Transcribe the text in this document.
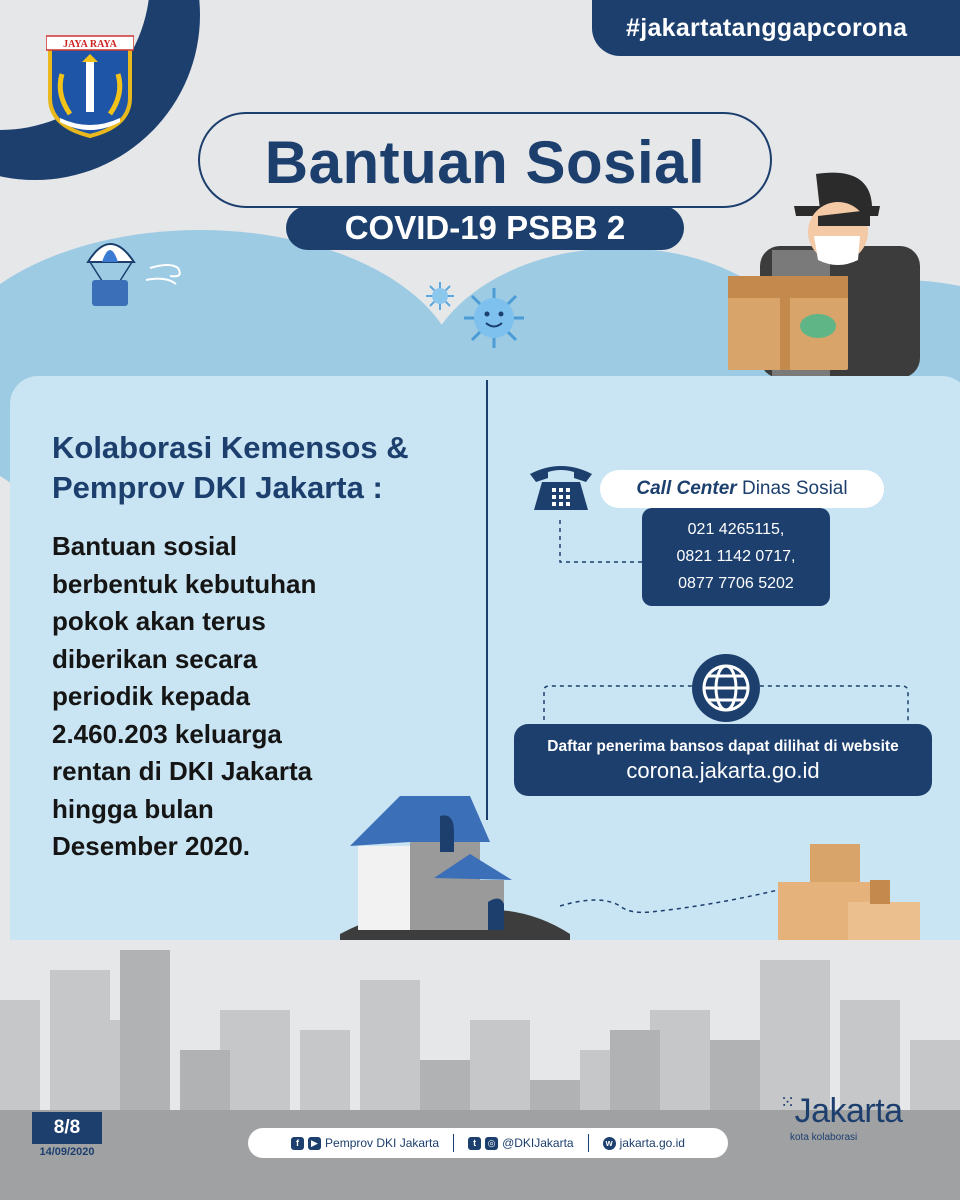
#jakartatanggapcorona
JAYA RAYA
Bantuan Sosial
COVID-19 PSBB 2
Kolaborasi Kemensos &
Pemprov DKI Jakarta :
Bantuan sosial
berbentuk kebutuhan
pokok akan terus
diberikan secara
periodik kepada
2.460.203 keluarga
rentan di DKI Jakarta
hingga bulan
Desember 2020.
Call Center Dinas Sosial
021 4265115,
0821 1142 0717,
0877 7706 5202
Daftar penerima bansos dapat dilihat di website
corona.jakarta.go.id
8/8
14/09/2020
f	▶ Pemprov DKI Jakarta	t	◎ @DKIJakarta	w jakarta.go.id
⁙Jakarta
kota kolaborasi
